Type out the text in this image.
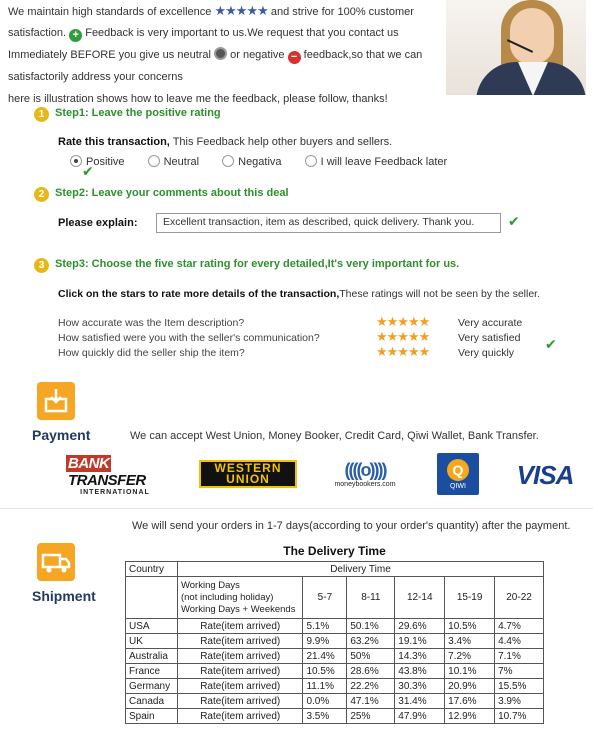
We maintain high standards of excellence ★★★★★ and strive for 100% customer
satisfaction. + Feedback is very important to us.We request that you contact us
Immediately BEFORE you give us neutral or negative − feedback,so that we can
satisfactorily address your concerns
here is illustration shows how to leave me the feedback, please follow, thanks!
1 Step1: Leave the positive rating
Rate this transaction, This Feedback help other buyers and sellers.
Positive	Neutral	Negativa	I will leave Feedback later
✔
2 Step2: Leave your comments about this deal
Please explain:	Excellent transaction, item as described, quick delivery. Thank you.	✔
3 Step3: Choose the five star rating for every detailed,It's very important for us.
Click on the stars to rate more details of the transaction,These ratings will not be seen by the seller.
How accurate was the Item description?	★★★★★	Very accurate
How satisfied were you with the seller's communication?	★★★★★	Very satisfied
How quickly did the seller ship the item?	★★★★★	Very quickly
✔
Payment	We can accept West Union, Money Booker, Credit Card, Qiwi Wallet, Bank Transfer.
BANK TRANSFER
INTERNATIONAL
WESTERN
UNION	((((o))))
moneybookers.com
Q
QIWI	VISA
We will send your orders in 1-7 days(according to your order's quantity) after the payment.
Shipment
The Delivery Time
Country	Delivery Time					
	Working Days
(not including holiday)
Working Days + Weekends	5-7	8-11	12-14	15-19	20-22
USA	Rate(item arrived)	5.1%	50.1%	29.6%	10.5%	4.7%
UK	Rate(item arrived)	9.9%	63.2%	19.1%	3.4%	4.4%
Australia	Rate(item arrived)	21.4%	50%	14.3%	7.2%	7.1%
France	Rate(item arrived)	10.5%	28.6%	43.8%	10.1%	7%
Germany	Rate(item arrived)	11.1%	22.2%	30.3%	20.9%	15.5%
Canada	Rate(item arrived)	0.0%	47.1%	31.4%	17.6%	3.9%
Spain	Rate(item arrived)	3.5%	25%	47.9%	12.9%	10.7%
